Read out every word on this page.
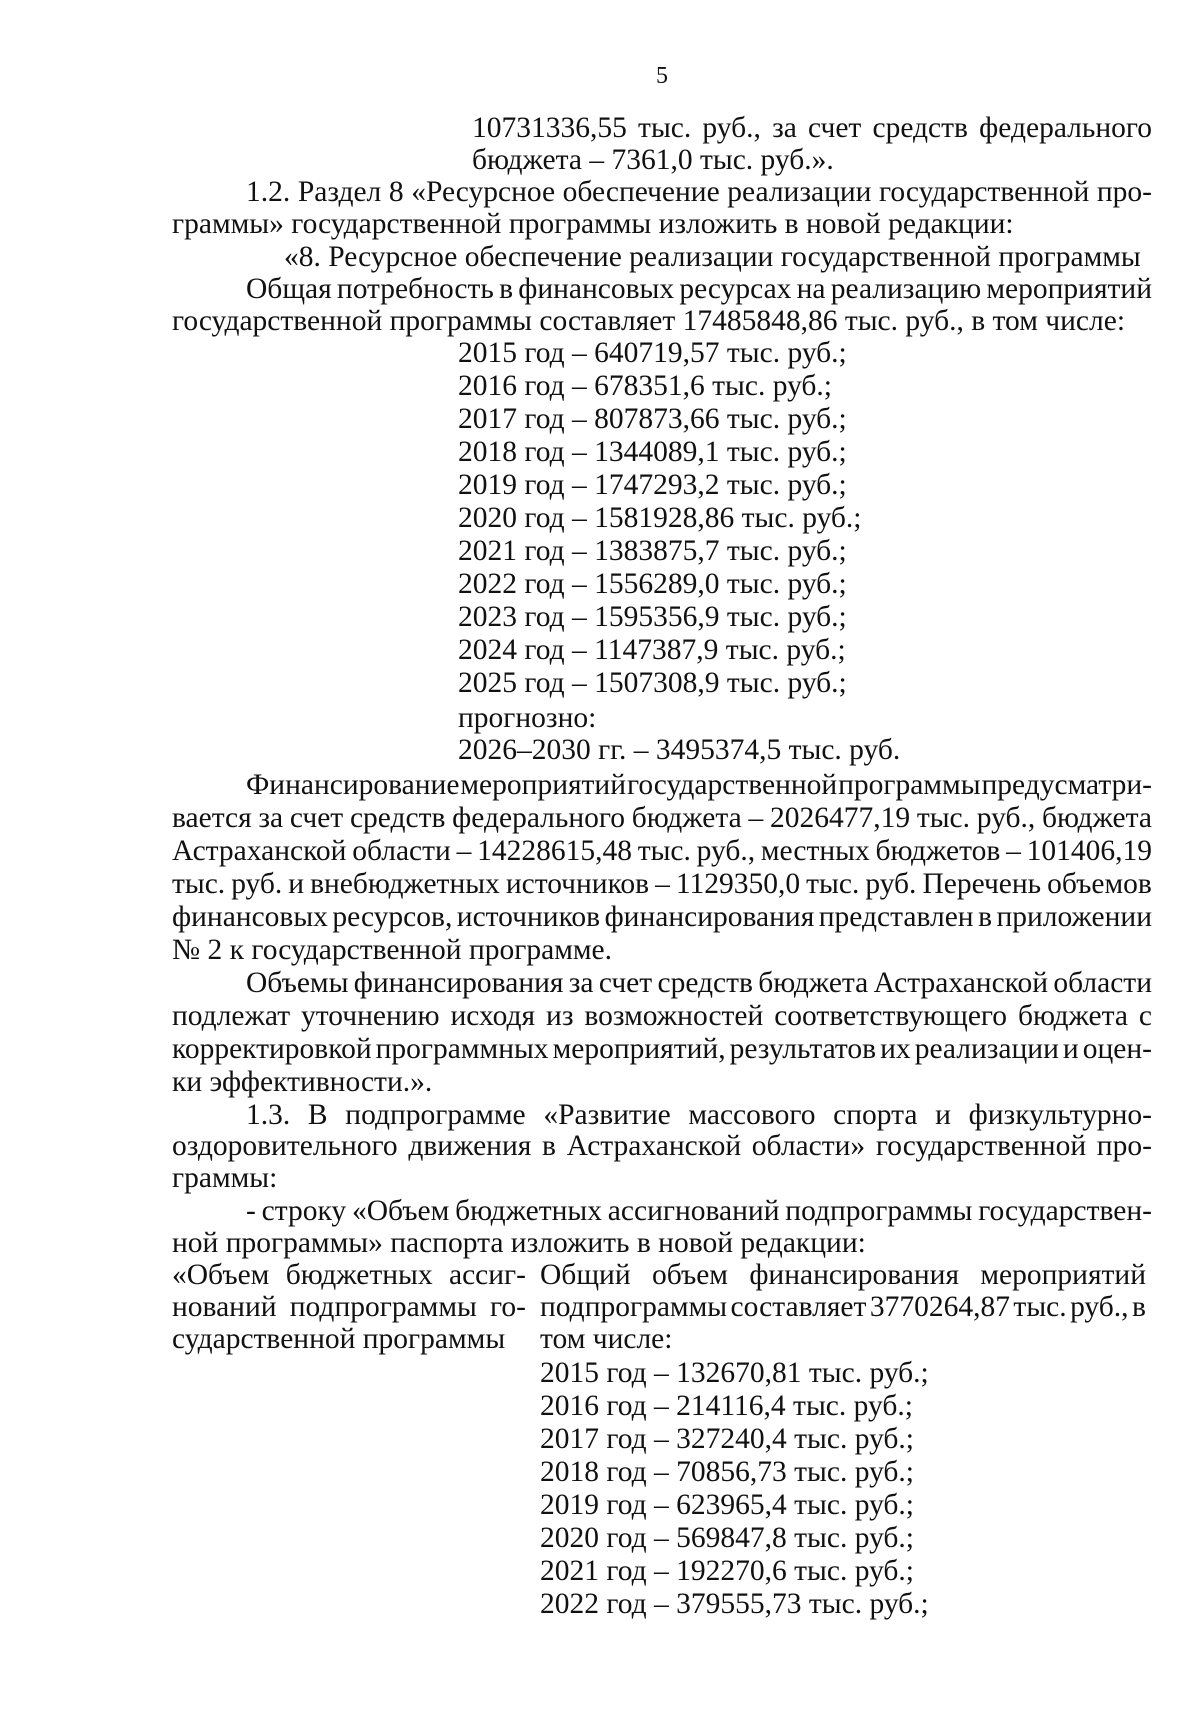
5
10731336,55 тыс. руб., за счет средств федерального
бюджета – 7361,0 тыс. руб.».
1.2. Раздел 8 «Ресурсное обеспечение реализации государственной про-
граммы» государственной программы изложить в новой редакции:
«8. Ресурсное обеспечение реализации государственной программы
Общая потребность в финансовых ресурсах на реализацию мероприятий
государственной программы составляет 17485848,86 тыс. руб., в том числе:
2015 год – 640719,57 тыс. руб.;
2016 год – 678351,6 тыс. руб.;
2017 год – 807873,66 тыс. руб.;
2018 год – 1344089,1 тыс. руб.;
2019 год – 1747293,2 тыс. руб.;
2020 год – 1581928,86 тыс. руб.;
2021 год – 1383875,7 тыс. руб.;
2022 год – 1556289,0 тыс. руб.;
2023 год – 1595356,9 тыс. руб.;
2024 год – 1147387,9 тыс. руб.;
2025 год – 1507308,9 тыс. руб.;
прогнозно:
2026–2030 гг. – 3495374,5 тыс. руб.
Финансирование мероприятий государственной программы предусматри-
вается за счет средств федерального бюджета – 2026477,19 тыс. руб., бюджета
Астраханской области – 14228615,48 тыс. руб., местных бюджетов – 101406,19
тыс. руб. и внебюджетных источников – 1129350,0 тыс. руб. Перечень объемов
финансовых ресурсов, источников финансирования представлен в приложении
№ 2 к государственной программе.
Объемы финансирования за счет средств бюджета Астраханской области
подлежат уточнению исходя из возможностей соответствующего бюджета с
корректировкой программных мероприятий, результатов их реализации и оцен-
ки эффективности.».
1.3. В подпрограмме «Развитие массового спорта и физкультурно-
оздоровительного движения в Астраханской области» государственной про-
граммы:
- строку «Объем бюджетных ассигнований подпрограммы государствен-
ной программы» паспорта изложить в новой редакции:
«Объем бюджетных ассиг-
нований подпрограммы го-
сударственной программы
Общий объем финансирования мероприятий
подпрограммы составляет 3770264,87 тыс. руб., в
том числе:
2015 год – 132670,81 тыс. руб.;
2016 год – 214116,4 тыс. руб.;
2017 год – 327240,4 тыс. руб.;
2018 год – 70856,73 тыс. руб.;
2019 год – 623965,4 тыс. руб.;
2020 год – 569847,8 тыс. руб.;
2021 год – 192270,6 тыс. руб.;
2022 год – 379555,73 тыс. руб.;
